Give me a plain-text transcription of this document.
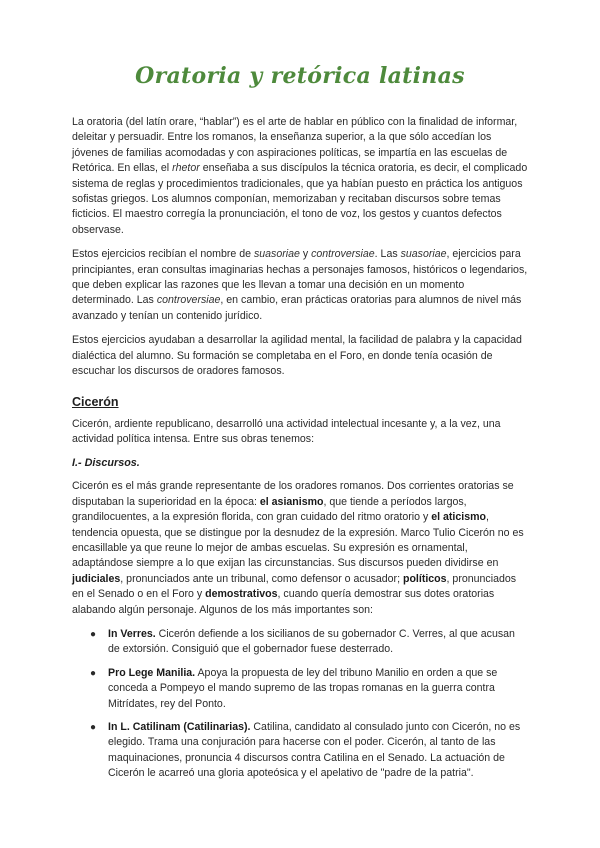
Oratoria y retórica latinas

La oratoria (del latín orare, “hablar”) es el arte de hablar en público con la finalidad de informar, deleitar y persuadir. Entre los romanos, la enseñanza superior, a la que sólo accedían los jóvenes de familias acomodadas y con aspiraciones políticas, se impartía en las escuelas de Retórica. En ellas, el rhetor enseñaba a sus discípulos la técnica oratoria, es decir, el complicado sistema de reglas y procedimientos tradicionales, que ya habían puesto en práctica los antiguos sofistas griegos. Los alumnos componían, memorizaban y recitaban discursos sobre temas ficticios. El maestro corregía la pronunciación, el tono de voz, los gestos y cuantos defectos observase.

Estos ejercicios recibían el nombre de suasoriae y controversiae. Las suasoriae, ejercicios para principiantes, eran consultas imaginarias hechas a personajes famosos, históricos o legendarios, que deben explicar las razones que les llevan a tomar una decisión en un momento determinado. Las controversiae, en cambio, eran prácticas oratorias para alumnos de nivel más avanzado y tenían un contenido jurídico.

Estos ejercicios ayudaban a desarrollar la agilidad mental, la facilidad de palabra y la capacidad dialéctica del alumno. Su formación se completaba en el Foro, en donde tenía ocasión de escuchar los discursos de oradores famosos.

Cicerón

Cicerón, ardiente republicano, desarrolló una actividad intelectual incesante y, a la vez, una actividad política intensa. Entre sus obras tenemos:

I.- Discursos.

Cicerón es el más grande representante de los oradores romanos. Dos corrientes oratorias se disputaban la superioridad en la época: el asianismo, que tiende a períodos largos, grandilocuentes, a la expresión florida, con gran cuidado del ritmo oratorio y el aticismo, tendencia opuesta, que se distingue por la desnudez de la expresión. Marco Tulio Cicerón no es encasillable ya que reune lo mejor de ambas escuelas. Su expresión es ornamental, adaptándose siempre a lo que exijan las circunstancias. Sus discursos pueden dividirse en judiciales, pronunciados ante un tribunal, como defensor o acusador; políticos, pronunciados en el Senado o en el Foro y demostrativos, cuando quería demostrar sus dotes oratorias alabando algún personaje. Algunos de los más importantes son:

● In Verres. Cicerón defiende a los sicilianos de su gobernador C. Verres, al que acusan de extorsión. Consiguió que el gobernador fuese desterrado.
● Pro Lege Manilia. Apoya la propuesta de ley del tribuno Manilio en orden a que se conceda a Pompeyo el mando supremo de las tropas romanas en la guerra contra Mitrídates, rey del Ponto.
● In L. Catilinam (Catilinarias). Catilina, candidato al consulado junto con Cicerón, no es elegido. Trama una conjuración para hacerse con el poder. Cicerón, al tanto de las maquinaciones, pronuncia 4 discursos contra Catilina en el Senado. La actuación de Cicerón le acarreó una gloria apoteósica y el apelativo de "padre de la patria".
